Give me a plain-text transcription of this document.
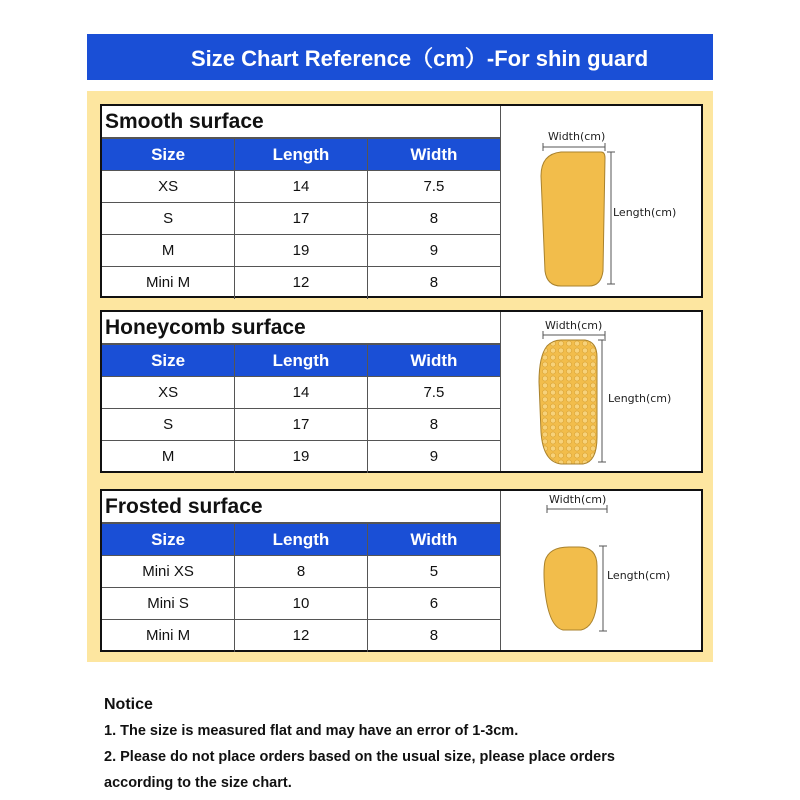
Size Chart Reference（cm）-For shin guard
Smooth surface
Size	Length	Width
XS	14	7.5
S	17	8
M	19	9
Mini M	12	8
Width(cm)
Length(cm)
Honeycomb surface
Size	Length	Width
XS	14	7.5
S	17	8
M	19	9
Width(cm)
Length(cm)
Frosted surface
Size	Length	Width
Mini XS	8	5
Mini S	10	6
Mini M	12	8
Width(cm)
Length(cm)
Notice
1. The size is measured flat and may have an error of 1-3cm.
2. Please do not place orders based on the usual size, please place orders
according to the size chart.
